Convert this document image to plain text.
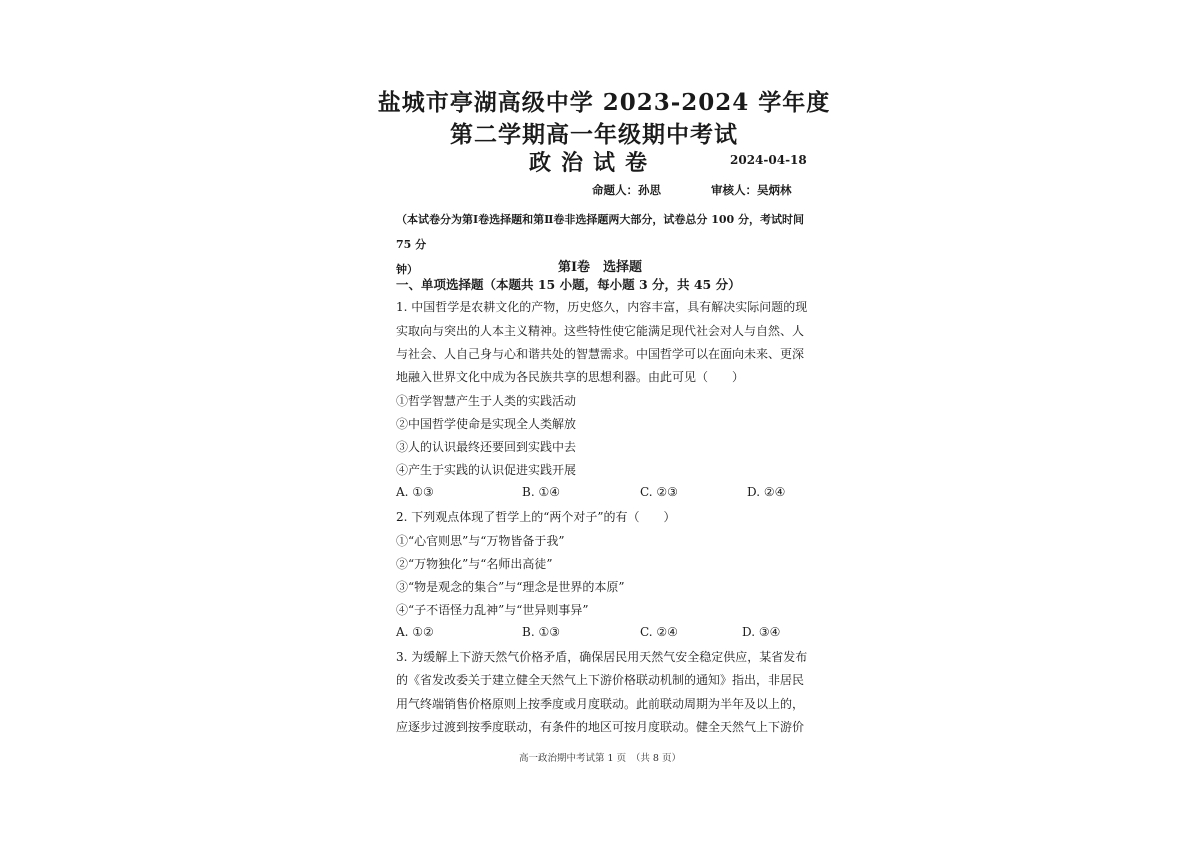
盐城市亭湖高级中学 2023-2024 学年度
第二学期高一年级期中考试
政治试卷	2024-04-18
命题人：孙思	审核人：吴炳林
（本试卷分为第Ⅰ卷选择题和第Ⅱ卷非选择题两大部分，试卷总分 100 分，考试时间 75 分
钟）	第Ⅰ卷　选择题
一、单项选择题（本题共 15 小题，每小题 3 分，共 45 分）
1. 中国哲学是农耕文化的产物，历史悠久，内容丰富，具有解决实际问题的现
实取向与突出的人本主义精神。这些特性使它能满足现代社会对人与自然、人
与社会、人自己身与心和谐共处的智慧需求。中国哲学可以在面向未来、更深
地融入世界文化中成为各民族共享的思想利器。由此可见（　　）
①哲学智慧产生于人类的实践活动
②中国哲学使命是实现全人类解放
③人的认识最终还要回到实践中去
④产生于实践的认识促进实践开展
A. ①③	B. ①④	C. ②③	D. ②④
2. 下列观点体现了哲学上的“两个对子”的有（　　）
①“心官则思”与“万物皆备于我”
②“万物独化”与“名师出高徒”
③“物是观念的集合”与“理念是世界的本原”
④“子不语怪力乱神”与“世异则事异”
A. ①②	B. ①③	C. ②④	D. ③④
3. 为缓解上下游天然气价格矛盾，确保居民用天然气安全稳定供应，某省发布
的《省发改委关于建立健全天然气上下游价格联动机制的通知》指出，非居民
用气终端销售价格原则上按季度或月度联动。此前联动周期为半年及以上的，
应逐步过渡到按季度联动，有条件的地区可按月度联动。健全天然气上下游价
高一政治期中考试第 1 页　（共 8 页）
